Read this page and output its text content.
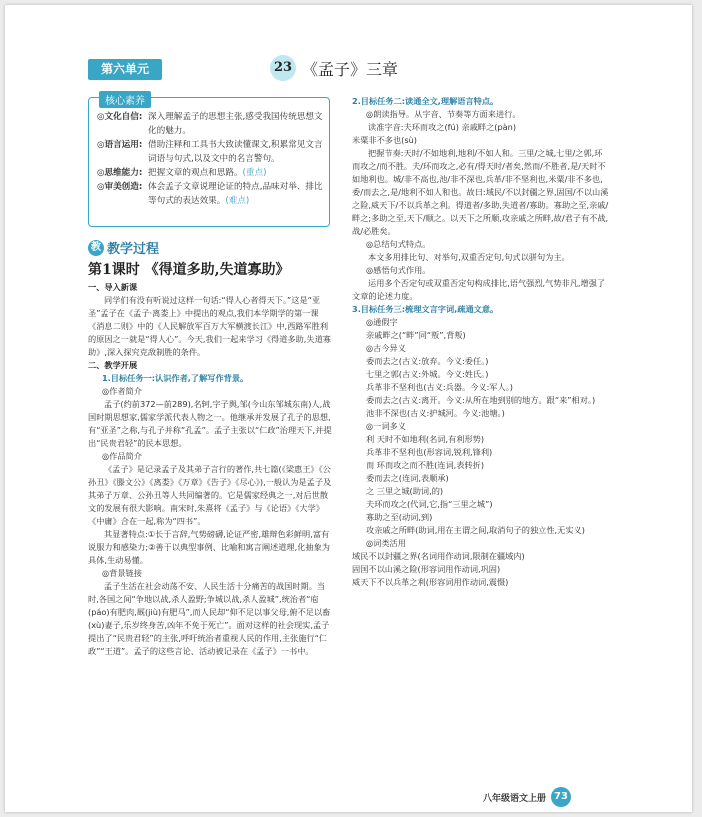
第六单元	23 《孟子》三章
核心素养
◎文化自信: 深入理解孟子的思想主张,感受我国传统思想文化的魅力。
◎语言运用: 借助注释和工具书大致读懂课文,积累常见文言词语与句式,以及文中的名言警句。
◎思维能力: 把握文章的观点和思路。(重点)
◎审美创造: 体会孟子文章说理论证的特点,品味对举、排比等句式的表达效果。(难点)
教 教学过程
第1课时 《得道多助,失道寡助》

一、导入新课

同学们有没有听说过这样一句话:“得人心者得天下。”这是“亚圣”孟子在《孟子·离娄上》中提出的观点,我们本学期学的第一课《消息二则》中的《人民解放军百万大军横渡长江》中,西路军胜利的原因之一就是“得人心”。今天,我们一起来学习《得道多助,失道寡助》,深入探究克敌制胜的条件。

二、教学开展

1.目标任务一:认识作者,了解写作背景。

◎作者简介

孟子(约前372—前289),名轲,字子舆,邹(今山东邹城东南)人,战国时期思想家,儒家学派代表人物之一。他继承并发展了孔子的思想,有“亚圣”之称,与孔子并称“孔孟”。孟子主张以“仁政”治理天下,并提出“民贵君轻”的民本思想。

◎作品简介

《孟子》是记录孟子及其弟子言行的著作,共七篇(《梁惠王》《公孙丑》《滕文公》《离娄》《万章》《告子》《尽心》),一般认为是孟子及其弟子万章、公孙丑等人共同编著的。它是儒家经典之一,对后世散文的发展有很大影响。南宋时,朱熹将《孟子》与《论语》《大学》《中庸》合在一起,称为“四书”。

其显著特点:①长于言辞,气势磅礴,论证严密,雄辩色彩鲜明,富有说服力和感染力;②善于以典型事例、比喻和寓言阐述道理,化抽象为具体,生动易懂。

◎背景链接

孟子生活在社会动荡不安、人民生活十分痛苦的战国时期。当时,各国之间“争地以战,杀人盈野;争城以战,杀人盈城”,统治者“庖(páo)有肥肉,厩(jiù)有肥马”,而人民却“仰不足以事父母,俯不足以畜(xù)妻子,乐岁终身苦,凶年不免于死亡”。面对这样的社会现实,孟子提出了“民贵君轻”的主张,呼吁统治者重视人民的作用,主张施行“仁政”“王道”。孟子的这些言论、活动被记录在《孟子》一书中。

2.目标任务二:读通全文,理解语言特点。

◎朗读指导。从字音、节奏等方面来进行。

读准字音:夫环而攻之(fú) 亲戚畔之(pàn)

米粟非不多也(sù)

把握节奏:天时/不如地利,地利/不如人和。三里/之城,七里/之郭,环而攻之/而不胜。夫/环而攻之,必有/得天时/者矣,然而/不胜者,是/天时不如地利也。城/非不高也,池/非不深也,兵革/非不坚利也,米粟/非不多也,委/而去之,是/地利不如人和也。故曰:域民/不以封疆之界,固国/不以山溪之险,威天下/不以兵革之利。得道者/多助,失道者/寡助。寡助之至,亲戚/畔之;多助之至,天下/顺之。以天下之所顺,攻亲戚之所畔,故/君子有不战,战/必胜矣。

◎总结句式特点。

本文多用排比句、对举句,双重否定句,句式以骈句为主。

◎感悟句式作用。

运用多个否定句或双重否定句构成排比,语气强烈,气势非凡,增强了文章的论述力度。

3.目标任务三:梳理文言字词,疏通文意。

◎通假字

亲戚畔之(“畔”同“叛”,背叛)

◎古今异义

委而去之(古义:放弃。今义:委任。)

七里之郭(古义:外城。今义:姓氏。)

兵革非不坚利也(古义:兵器。今义:军人。)

委而去之(古义:离开。今义:从所在地到别的地方。跟“来”相对。)

池非不深也(古义:护城河。今义:池塘。)

◎一词多义

利 天时不如地利(名词,有利形势)

兵革非不坚利也(形容词,锐利,锋利)

而 环而攻之而不胜(连词,表转折)

委而去之(连词,表顺承)

之 三里之城(助词,的)

夫环而攻之(代词,它,指“三里之城”)

寡助之至(动词,到)

攻亲戚之所畔(助词,用在主谓之间,取消句子的独立性,无实义)

◎词类活用

域民不以封疆之界(名词用作动词,限制在疆域内)

固国不以山溪之险(形容词用作动词,巩固)

威天下不以兵革之利(形容词用作动词,震慑)

八年级语文上册 73
